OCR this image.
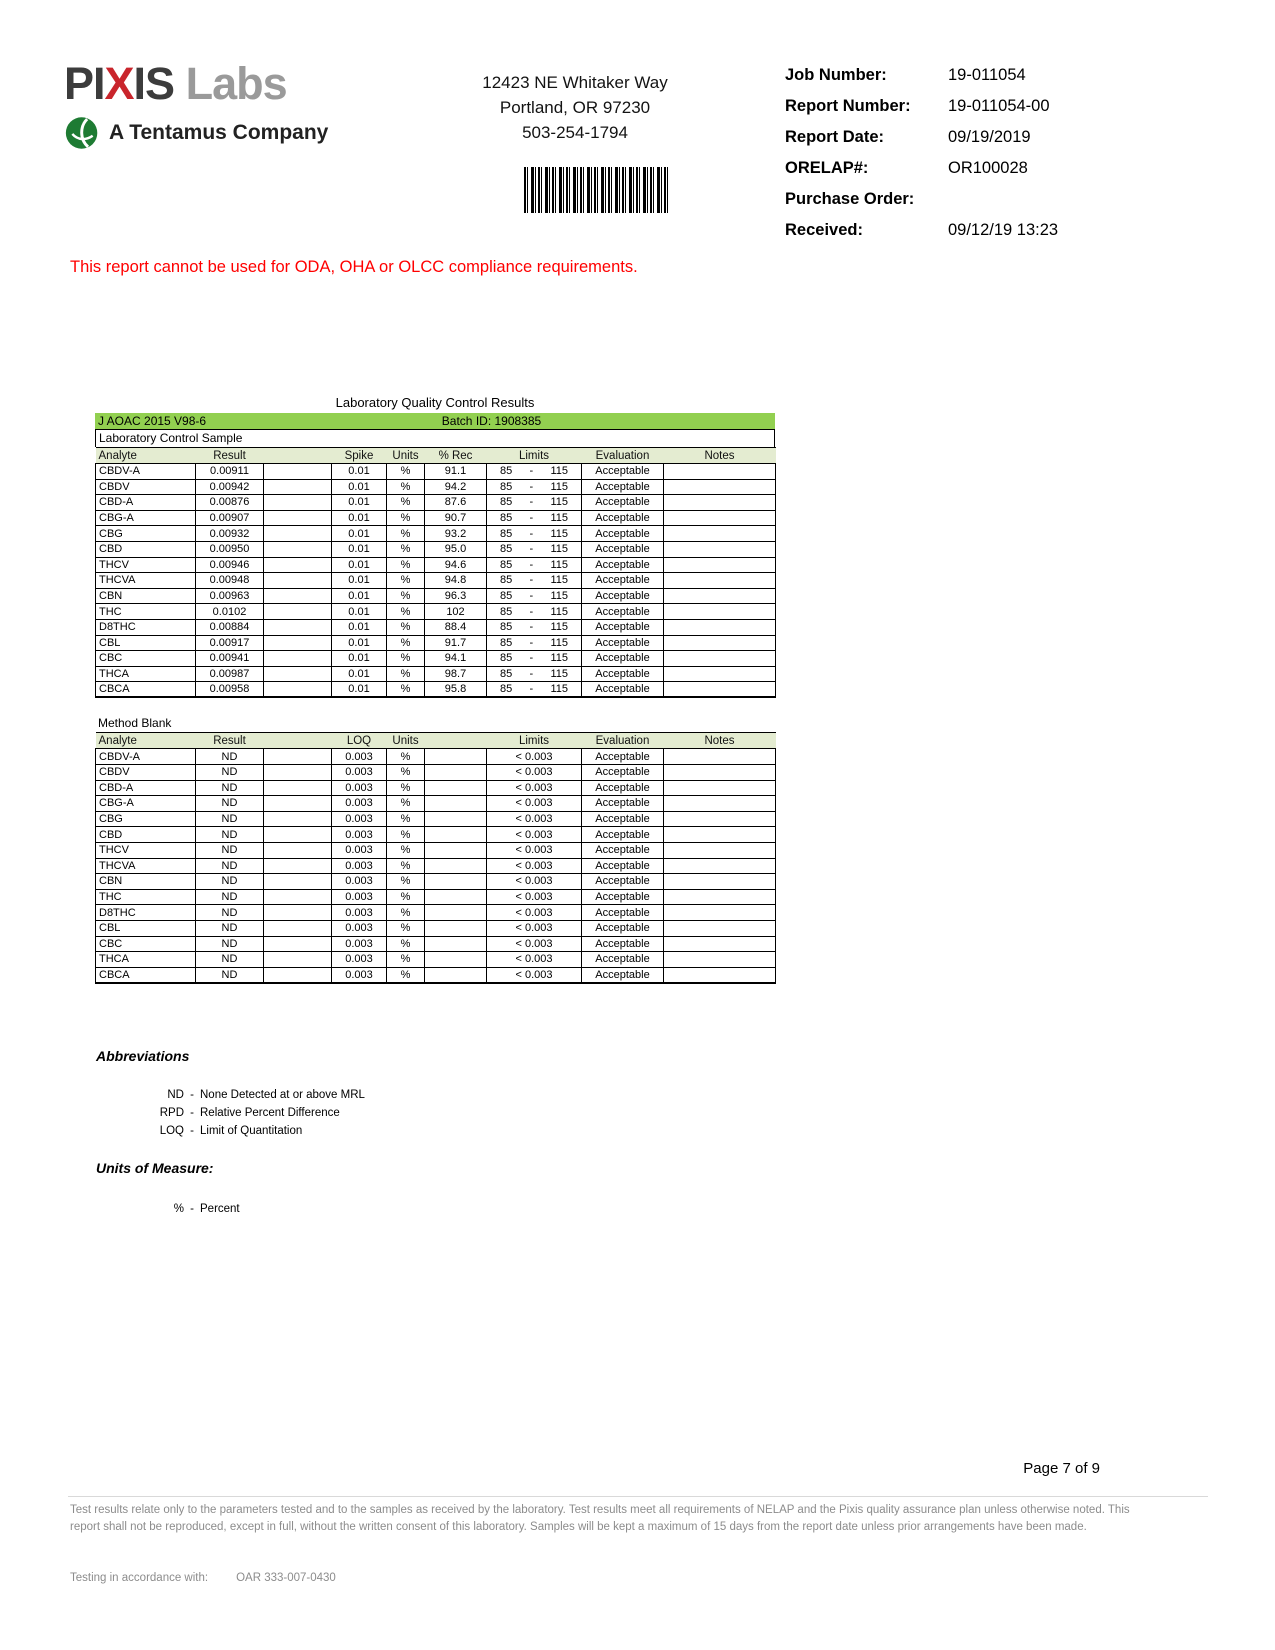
PIXIS Labs
A Tentamus Company
12423 NE Whitaker Way
Portland, OR 97230
503-254-1794
Job Number:	19-011054
Report Number:	19-011054-00
Report Date:	09/19/2019
ORELAP#:	OR100028
Purchase Order:
Received:	09/12/19 13:23
This report cannot be used for ODA, OHA or OLCC compliance requirements.
Laboratory Quality Control Results
J AOAC 2015 V98-6	Batch ID: 1908385
Laboratory Control Sample
Analyte	Result		Spike	Units	% Rec	Limits	Evaluation	Notes
CBDV-A	0.00911		0.01	%	91.1	85 - 115	Acceptable	
CBDV	0.00942		0.01	%	94.2	85 - 115	Acceptable	
CBD-A	0.00876		0.01	%	87.6	85 - 115	Acceptable	
CBG-A	0.00907		0.01	%	90.7	85 - 115	Acceptable	
CBG	0.00932		0.01	%	93.2	85 - 115	Acceptable	
CBD	0.00950		0.01	%	95.0	85 - 115	Acceptable	
THCV	0.00946		0.01	%	94.6	85 - 115	Acceptable	
THCVA	0.00948		0.01	%	94.8	85 - 115	Acceptable	
CBN	0.00963		0.01	%	96.3	85 - 115	Acceptable	
THC	0.0102		0.01	%	102	85 - 115	Acceptable	
D8THC	0.00884		0.01	%	88.4	85 - 115	Acceptable	
CBL	0.00917		0.01	%	91.7	85 - 115	Acceptable	
CBC	0.00941		0.01	%	94.1	85 - 115	Acceptable	
THCA	0.00987		0.01	%	98.7	85 - 115	Acceptable	
CBCA	0.00958		0.01	%	95.8	85 - 115	Acceptable	
Method Blank
Analyte	Result		LOQ	Units		Limits	Evaluation	Notes
CBDV-A	ND		0.003	%		< 0.003	Acceptable	
CBDV	ND		0.003	%		< 0.003	Acceptable	
CBD-A	ND		0.003	%		< 0.003	Acceptable	
CBG-A	ND		0.003	%		< 0.003	Acceptable	
CBG	ND		0.003	%		< 0.003	Acceptable	
CBD	ND		0.003	%		< 0.003	Acceptable	
THCV	ND		0.003	%		< 0.003	Acceptable	
THCVA	ND		0.003	%		< 0.003	Acceptable	
CBN	ND		0.003	%		< 0.003	Acceptable	
THC	ND		0.003	%		< 0.003	Acceptable	
D8THC	ND		0.003	%		< 0.003	Acceptable	
CBL	ND		0.003	%		< 0.003	Acceptable	
CBC	ND		0.003	%		< 0.003	Acceptable	
THCA	ND		0.003	%		< 0.003	Acceptable	
CBCA	ND		0.003	%		< 0.003	Acceptable	
Abbreviations
ND - None Detected at or above MRL
RPD - Relative Percent Difference
LOQ - Limit of Quantitation
Units of Measure:
% - Percent
Page 7 of 9
Test results relate only to the parameters tested and to the samples as received by the laboratory. Test results meet all requirements of NELAP and the Pixis quality assurance plan unless otherwise noted. This report shall not be reproduced, except in full, without the written consent of this laboratory. Samples will be kept a maximum of 15 days from the report date unless prior arrangements have been made.
Testing in accordance with: OAR 333-007-0430
